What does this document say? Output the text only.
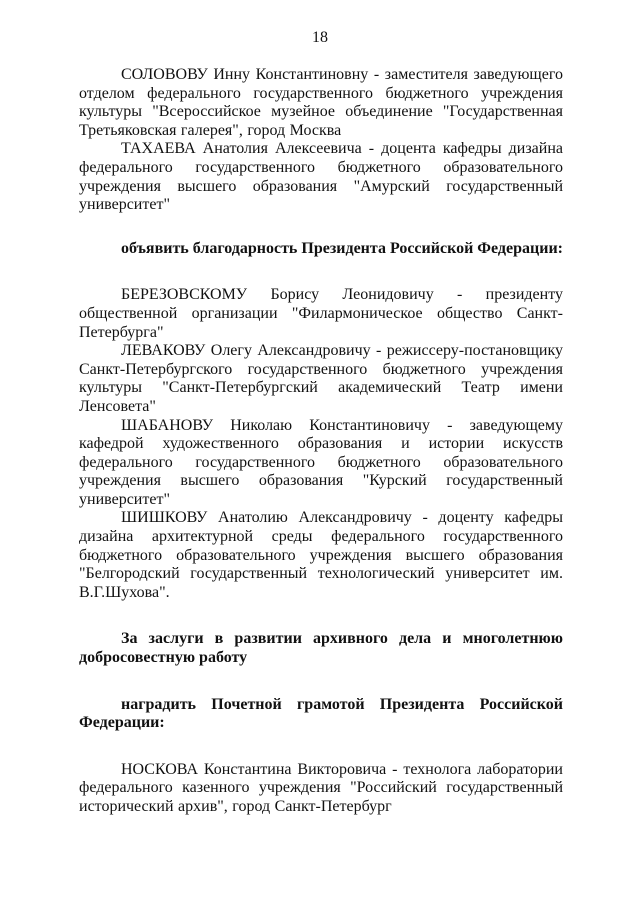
18

СОЛОВОВУ Инну Константиновну - заместителя заведующего отделом федерального государственного бюджетного учреждения культуры "Всероссийское музейное объединение "Государственная Третьяковская галерея", город Москва

ТАХАЕВА Анатолия Алексеевича - доцента кафедры дизайна федерального государственного бюджетного образовательного учреждения высшего образования "Амурский государственный университет"

объявить благодарность Президента Российской Федерации:

БЕРЕЗОВСКОМУ Борису Леонидовичу - президенту общественной организации "Филармоническое общество Санкт-Петербурга"

ЛЕВАКОВУ Олегу Александровичу - режиссеру-постановщику Санкт-Петербургского государственного бюджетного учреждения культуры "Санкт-Петербургский академический Театр имени Ленсовета"

ШАБАНОВУ Николаю Константиновичу - заведующему кафедрой художественного образования и истории искусств федерального государственного бюджетного образовательного учреждения высшего образования "Курский государственный университет"

ШИШКОВУ Анатолию Александровичу - доценту кафедры дизайна архитектурной среды федерального государственного бюджетного образовательного учреждения высшего образования "Белгородский государственный технологический университет им. В.Г.Шухова".

За заслуги в развитии архивного дела и многолетнюю добросовестную работу

наградить Почетной грамотой Президента Российской Федерации:

НОСКОВА Константина Викторовича - технолога лаборатории федерального казенного учреждения "Российский государственный исторический архив", город Санкт-Петербург
